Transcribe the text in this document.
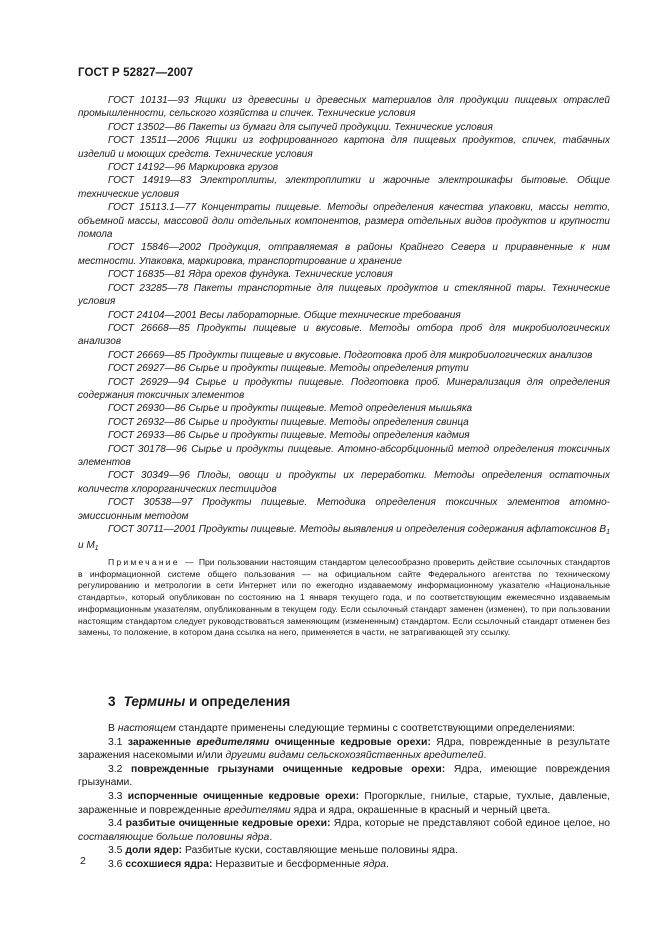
ГОСТ Р 52827—2007
ГОСТ 10131—93 Ящики из древесины и древесных материалов для продукции пищевых отраслей промышленности, сельского хозяйства и спичек. Технические условия
ГОСТ 13502—86 Пакеты из бумаги для сыпучей продукции. Технические условия
ГОСТ 13511—2006 Ящики из гофрированного картона для пищевых продуктов, спичек, табачных изделий и моющих средств. Технические условия
ГОСТ 14192—96 Маркировка грузов
ГОСТ 14919—83 Электроплиты, электроплитки и жарочные электрошкафы бытовые. Общие технические условия
ГОСТ 15113.1—77 Концентраты пищевые. Методы определения качества упаковки, массы нетто, объемной массы, массовой доли отдельных компонентов, размера отдельных видов продуктов и крупности помола
ГОСТ 15846—2002 Продукция, отправляемая в районы Крайнего Севера и приравненные к ним местности. Упаковка, маркировка, транспортирование и хранение
ГОСТ 16835—81 Ядра орехов фундука. Технические условия
ГОСТ 23285—78 Пакеты транспортные для пищевых продуктов и стеклянной тары. Технические условия
ГОСТ 24104—2001 Весы лабораторные. Общие технические требования
ГОСТ 26668—85 Продукты пищевые и вкусовые. Методы отбора проб для микробиологических анализов
ГОСТ 26669—85 Продукты пищевые и вкусовые. Подготовка проб для микробиологических анализов
ГОСТ 26927—86 Сырье и продукты пищевые. Методы определения ртути
ГОСТ 26929—94 Сырье и продукты пищевые. Подготовка проб. Минерализация для определения содержания токсичных элементов
ГОСТ 26930—86 Сырье и продукты пищевые. Метод определения мышьяка
ГОСТ 26932—86 Сырье и продукты пищевые. Методы определения свинца
ГОСТ 26933—86 Сырье и продукты пищевые. Методы определения кадмия
ГОСТ 30178—96 Сырье и продукты пищевые. Атомно-абсорбционный метод определения токсичных элементов
ГОСТ 30349—96 Плоды, овощи и продукты их переработки. Методы определения остаточных количеств хлорорганических пестицидов
ГОСТ 30538—97 Продукты пищевые. Методика определения токсичных элементов атомно-эмиссионным методом
ГОСТ 30711—2001 Продукты пищевые. Методы выявления и определения содержания афлатоксинов $B_1$ и $M_1$
Примечание — При пользовании настоящим стандартом целесообразно проверить действие ссылочных стандартов в информационной системе общего пользования — на официальном сайте Федерального агентства по техническому регулированию и метрологии в сети Интернет или по ежегодно издаваемому информационному указателю «Национальные стандарты», который опубликован по состоянию на 1 января текущего года, и по соответствующим ежемесячно издаваемым информационным указателям, опубликованным в текущем году. Если ссылочный стандарт заменен (изменен), то при пользовании настоящим стандартом следует руководствоваться заменяющим (измененным) стандартом. Если ссылочный стандарт отменен без замены, то положение, в котором дана ссылка на него, применяется в части, не затрагивающей эту ссылку.
3 Термины и определения
В настоящем стандарте применены следующие термины с соответствующими определениями:
3.1 зараженные вредителями очищенные кедровые орехи: Ядра, поврежденные в результате заражения насекомыми и/или другими видами сельскохозяйственных вредителей.
3.2 поврежденные грызунами очищенные кедровые орехи: Ядра, имеющие повреждения грызунами.
3.3 испорченные очищенные кедровые орехи: Прогорклые, гнилые, старые, тухлые, давленые, зараженные и поврежденные вредителями ядра и ядра, окрашенные в красный и черный цвета.
3.4 разбитые очищенные кедровые орехи: Ядра, которые не представляют собой единое целое, но составляющие больше половины ядра.
3.5 доли ядер: Разбитые куски, составляющие меньше половины ядра.
3.6 ссохшиеся ядра: Неразвитые и бесформенные ядра.
2
